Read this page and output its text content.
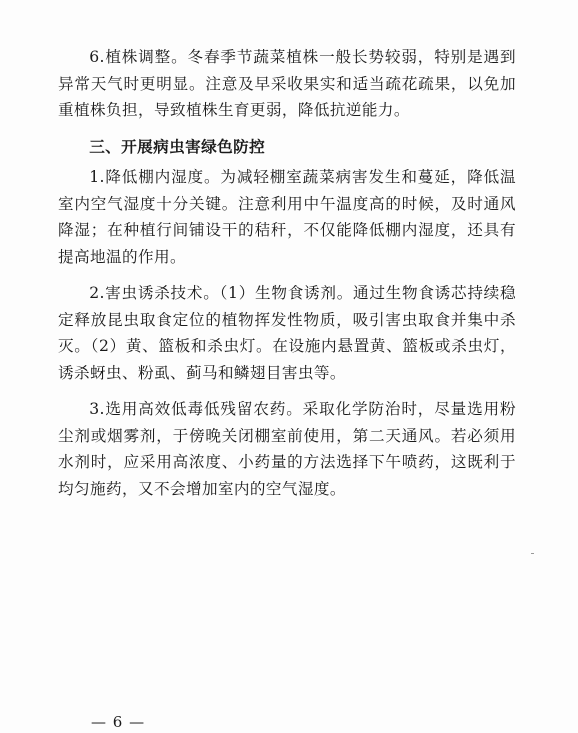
6.植株调整。冬春季节蔬菜植株一般长势较弱，特别是遇到异常天气时更明显。注意及早采收果实和适当疏花疏果，以免加重植株负担，导致植株生育更弱，降低抗逆能力。

三、开展病虫害绿色防控

1.降低棚内湿度。为减轻棚室蔬菜病害发生和蔓延，降低温室内空气湿度十分关键。注意利用中午温度高的时候，及时通风降湿；在种植行间铺设干的秸秆，不仅能降低棚内湿度，还具有提高地温的作用。

2.害虫诱杀技术。（1）生物食诱剂。通过生物食诱芯持续稳定释放昆虫取食定位的植物挥发性物质，吸引害虫取食并集中杀灭。（2）黄、篮板和杀虫灯。在设施内悬置黄、篮板或杀虫灯，诱杀蚜虫、粉虱、蓟马和鳞翅目害虫等。

3.选用高效低毒低残留农药。采取化学防治时，尽量选用粉尘剂或烟雾剂，于傍晚关闭棚室前使用，第二天通风。若必须用水剂时，应采用高浓度、小药量的方法选择下午喷药，这既利于均匀施药，又不会增加室内的空气湿度。

— 6 —
